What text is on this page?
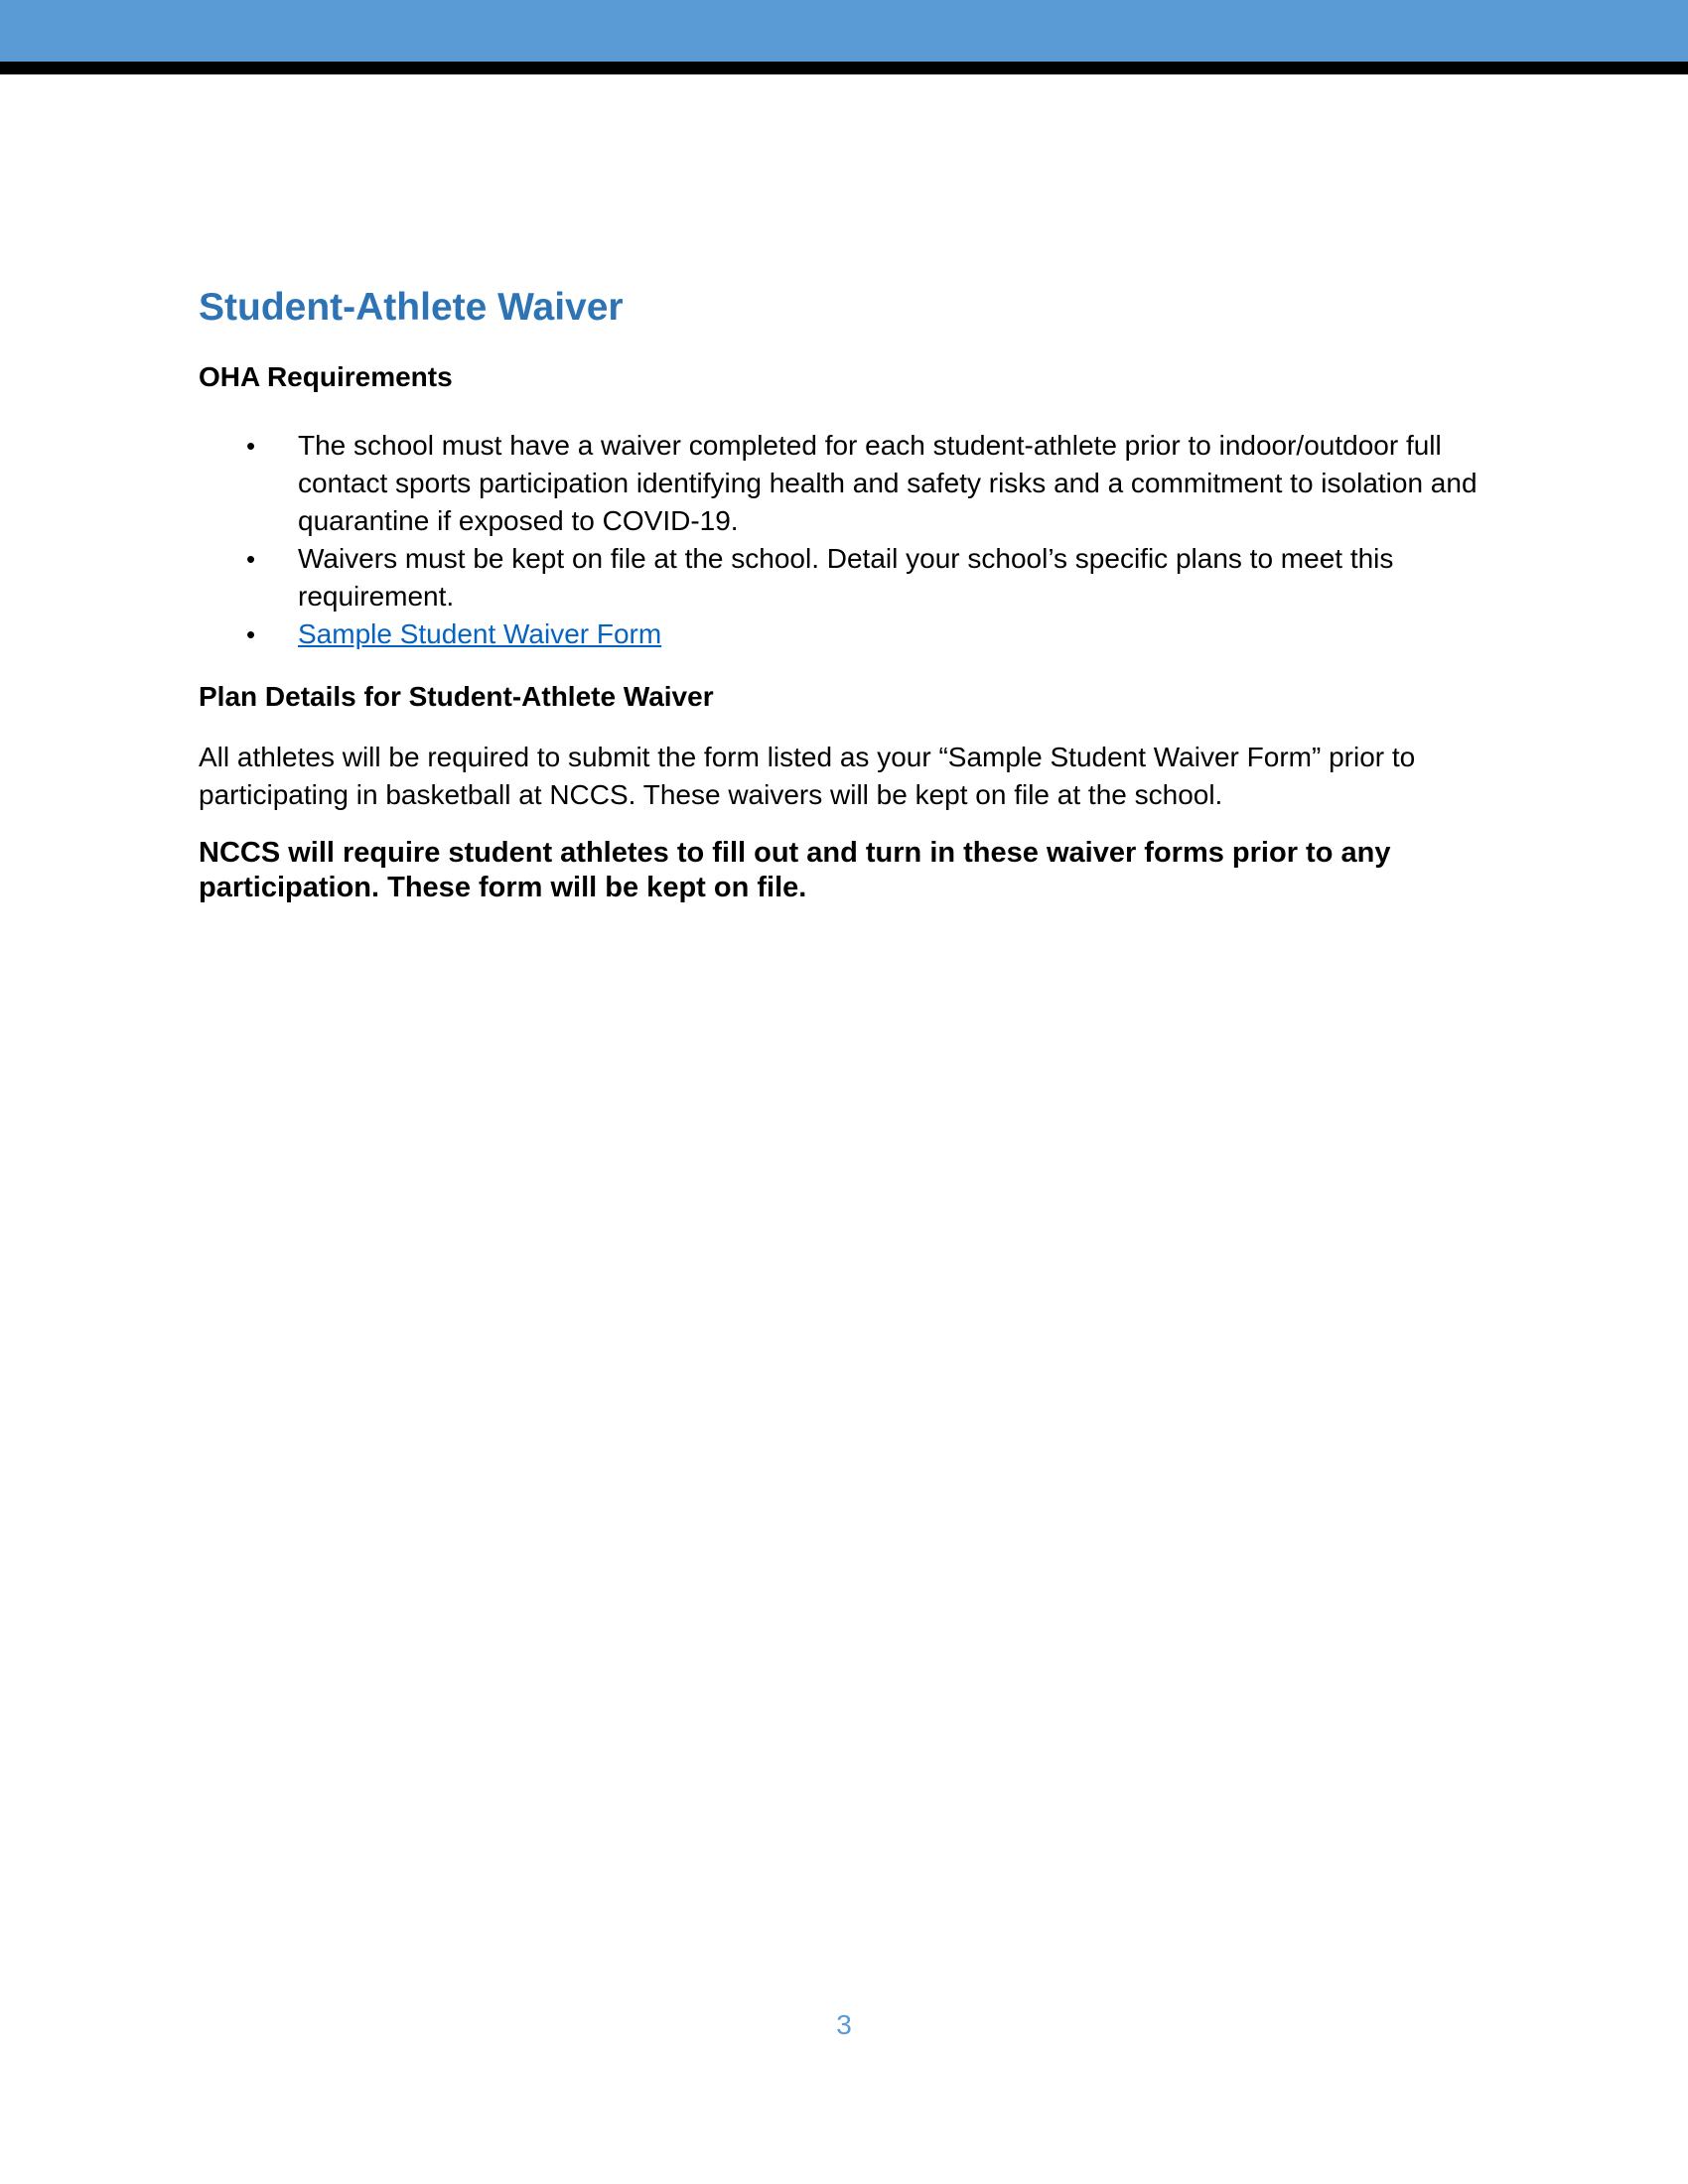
Student-Athlete Waiver
OHA Requirements
• The school must have a waiver completed for each student-athlete prior to indoor/outdoor full contact sports participation identifying health and safety risks and a commitment to isolation and quarantine if exposed to COVID-19.
• Waivers must be kept on file at the school. Detail your school’s specific plans to meet this requirement.
• Sample Student Waiver Form
Plan Details for Student-Athlete Waiver

All athletes will be required to submit the form listed as your “Sample Student Waiver Form” prior to participating in basketball at NCCS. These waivers will be kept on file at the school.

NCCS will require student athletes to fill out and turn in these waiver forms prior to any participation. These form will be kept on file.

3
